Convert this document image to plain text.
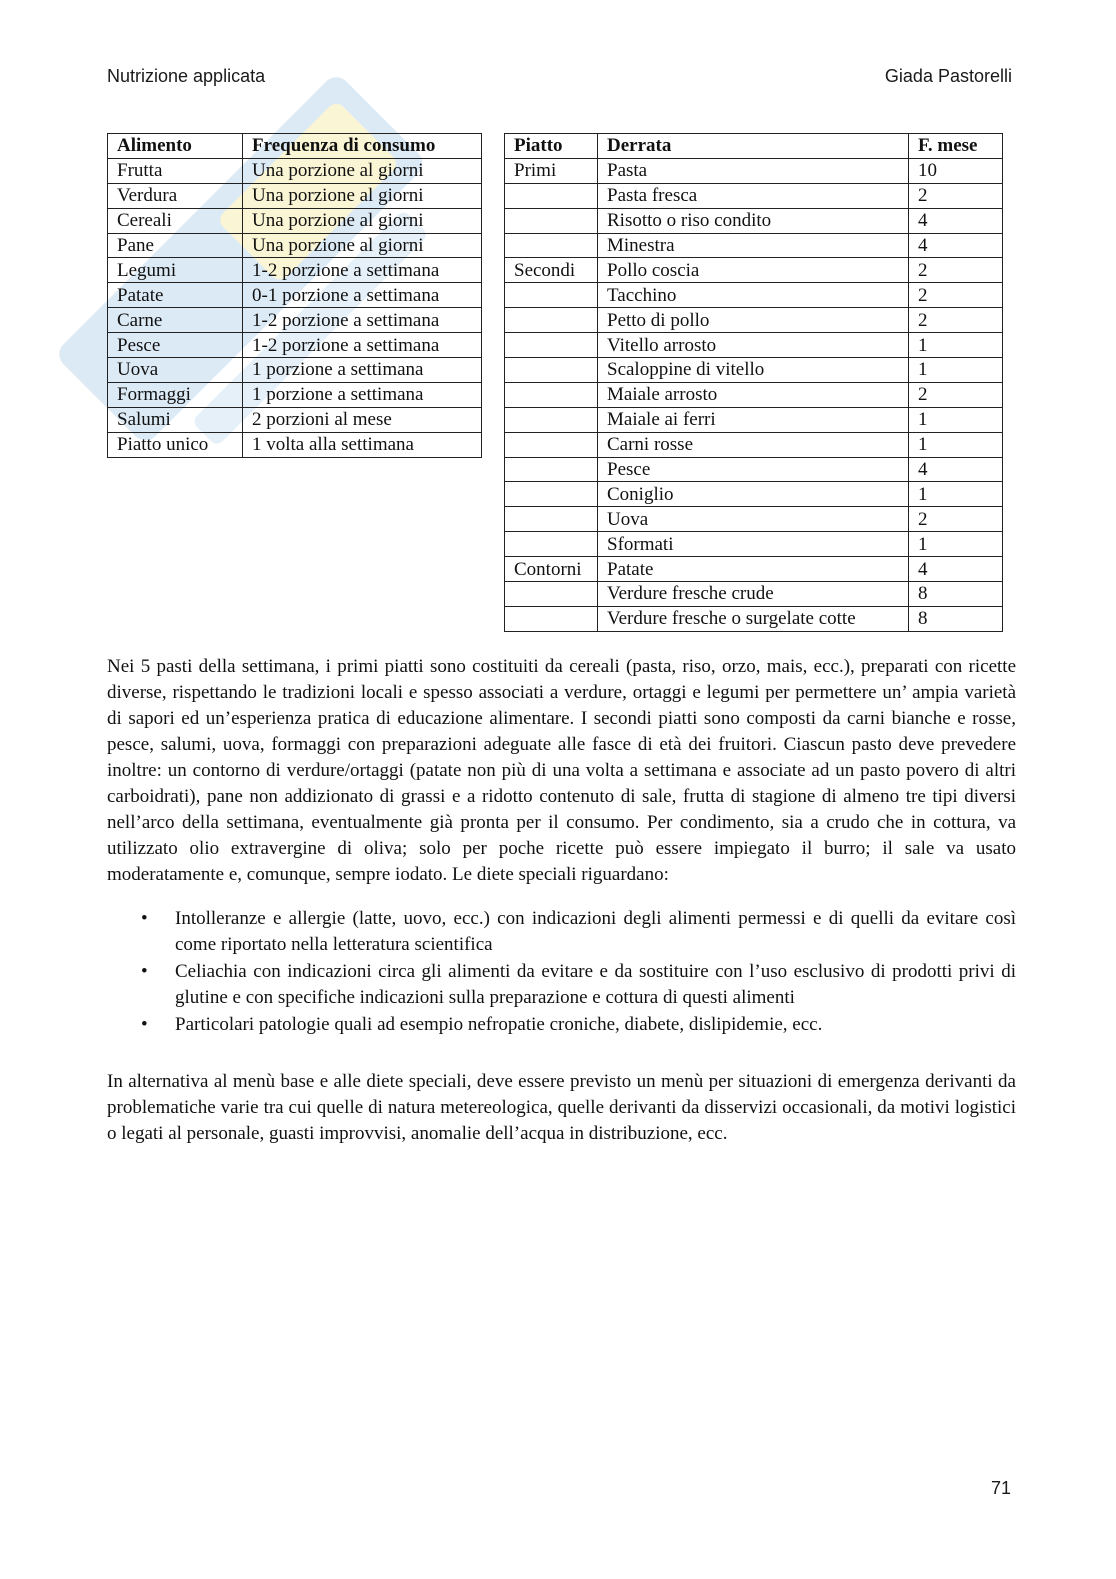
Nutrizione applicata	Giada Pastorelli
Alimento	Frequenza di consumo
Frutta	Una porzione al giorni
Verdura	Una porzione al giorni
Cereali	Una porzione al giorni
Pane	Una porzione al giorni
Legumi	1-2 porzione a settimana
Patate	0-1 porzione a settimana
Carne	1-2 porzione a settimana
Pesce	1-2 porzione a settimana
Uova	1 porzione a settimana
Formaggi	1 porzione a settimana
Salumi	2 porzioni al mese
Piatto unico	1 volta alla settimana
Piatto	Derrata	F. mese
Primi	Pasta	10
	Pasta fresca	2
	Risotto o riso condito	4
	Minestra	4
Secondi	Pollo coscia	2
	Tacchino	2
	Petto di pollo	2
	Vitello arrosto	1
	Scaloppine di vitello	1
	Maiale arrosto	2
	Maiale ai ferri	1
	Carni rosse	1
	Pesce	4
	Coniglio	1
	Uova	2
	Sformati	1
Contorni	Patate	4
	Verdure fresche crude	8
	Verdure fresche o surgelate cotte	8

Nei 5 pasti della settimana, i primi piatti sono costituiti da cereali (pasta, riso, orzo, mais, ecc.), preparati con ricette diverse, rispettando le tradizioni locali e spesso associati a verdure, ortaggi e legumi per permettere un’ ampia varietà di sapori ed un’esperienza pratica di educazione alimentare. I secondi piatti sono composti da carni bianche e rosse, pesce, salumi, uova, formaggi con preparazioni adeguate alle fasce di età dei fruitori. Ciascun pasto deve prevedere inoltre: un contorno di verdure/ortaggi (patate non più di una volta a settimana e associate ad un pasto povero di altri carboidrati), pane non addizionato di grassi e a ridotto contenuto di sale, frutta di stagione di almeno tre tipi diversi nell’arco della settimana, eventualmente già pronta per il consumo. Per condimento, sia a crudo che in cottura, va utilizzato olio extravergine di oliva; solo per poche ricette può essere impiegato il burro; il sale va usato moderatamente e, comunque, sempre iodato. Le diete speciali riguardano:

• Intolleranze e allergie (latte, uovo, ecc.) con indicazioni degli alimenti permessi e di quelli da evitare così come riportato nella letteratura scientifica
• Celiachia con indicazioni circa gli alimenti da evitare e da sostituire con l’uso esclusivo di prodotti privi di glutine e con specifiche indicazioni sulla preparazione e cottura di questi alimenti
• Particolari patologie quali ad esempio nefropatie croniche, diabete, dislipidemie, ecc.

In alternativa al menù base e alle diete speciali, deve essere previsto un menù per situazioni di emergenza derivanti da problematiche varie tra cui quelle di natura metereologica, quelle derivanti da disservizi occasionali, da motivi logistici o legati al personale, guasti improvvisi, anomalie dell’acqua in distribuzione, ecc.

71
